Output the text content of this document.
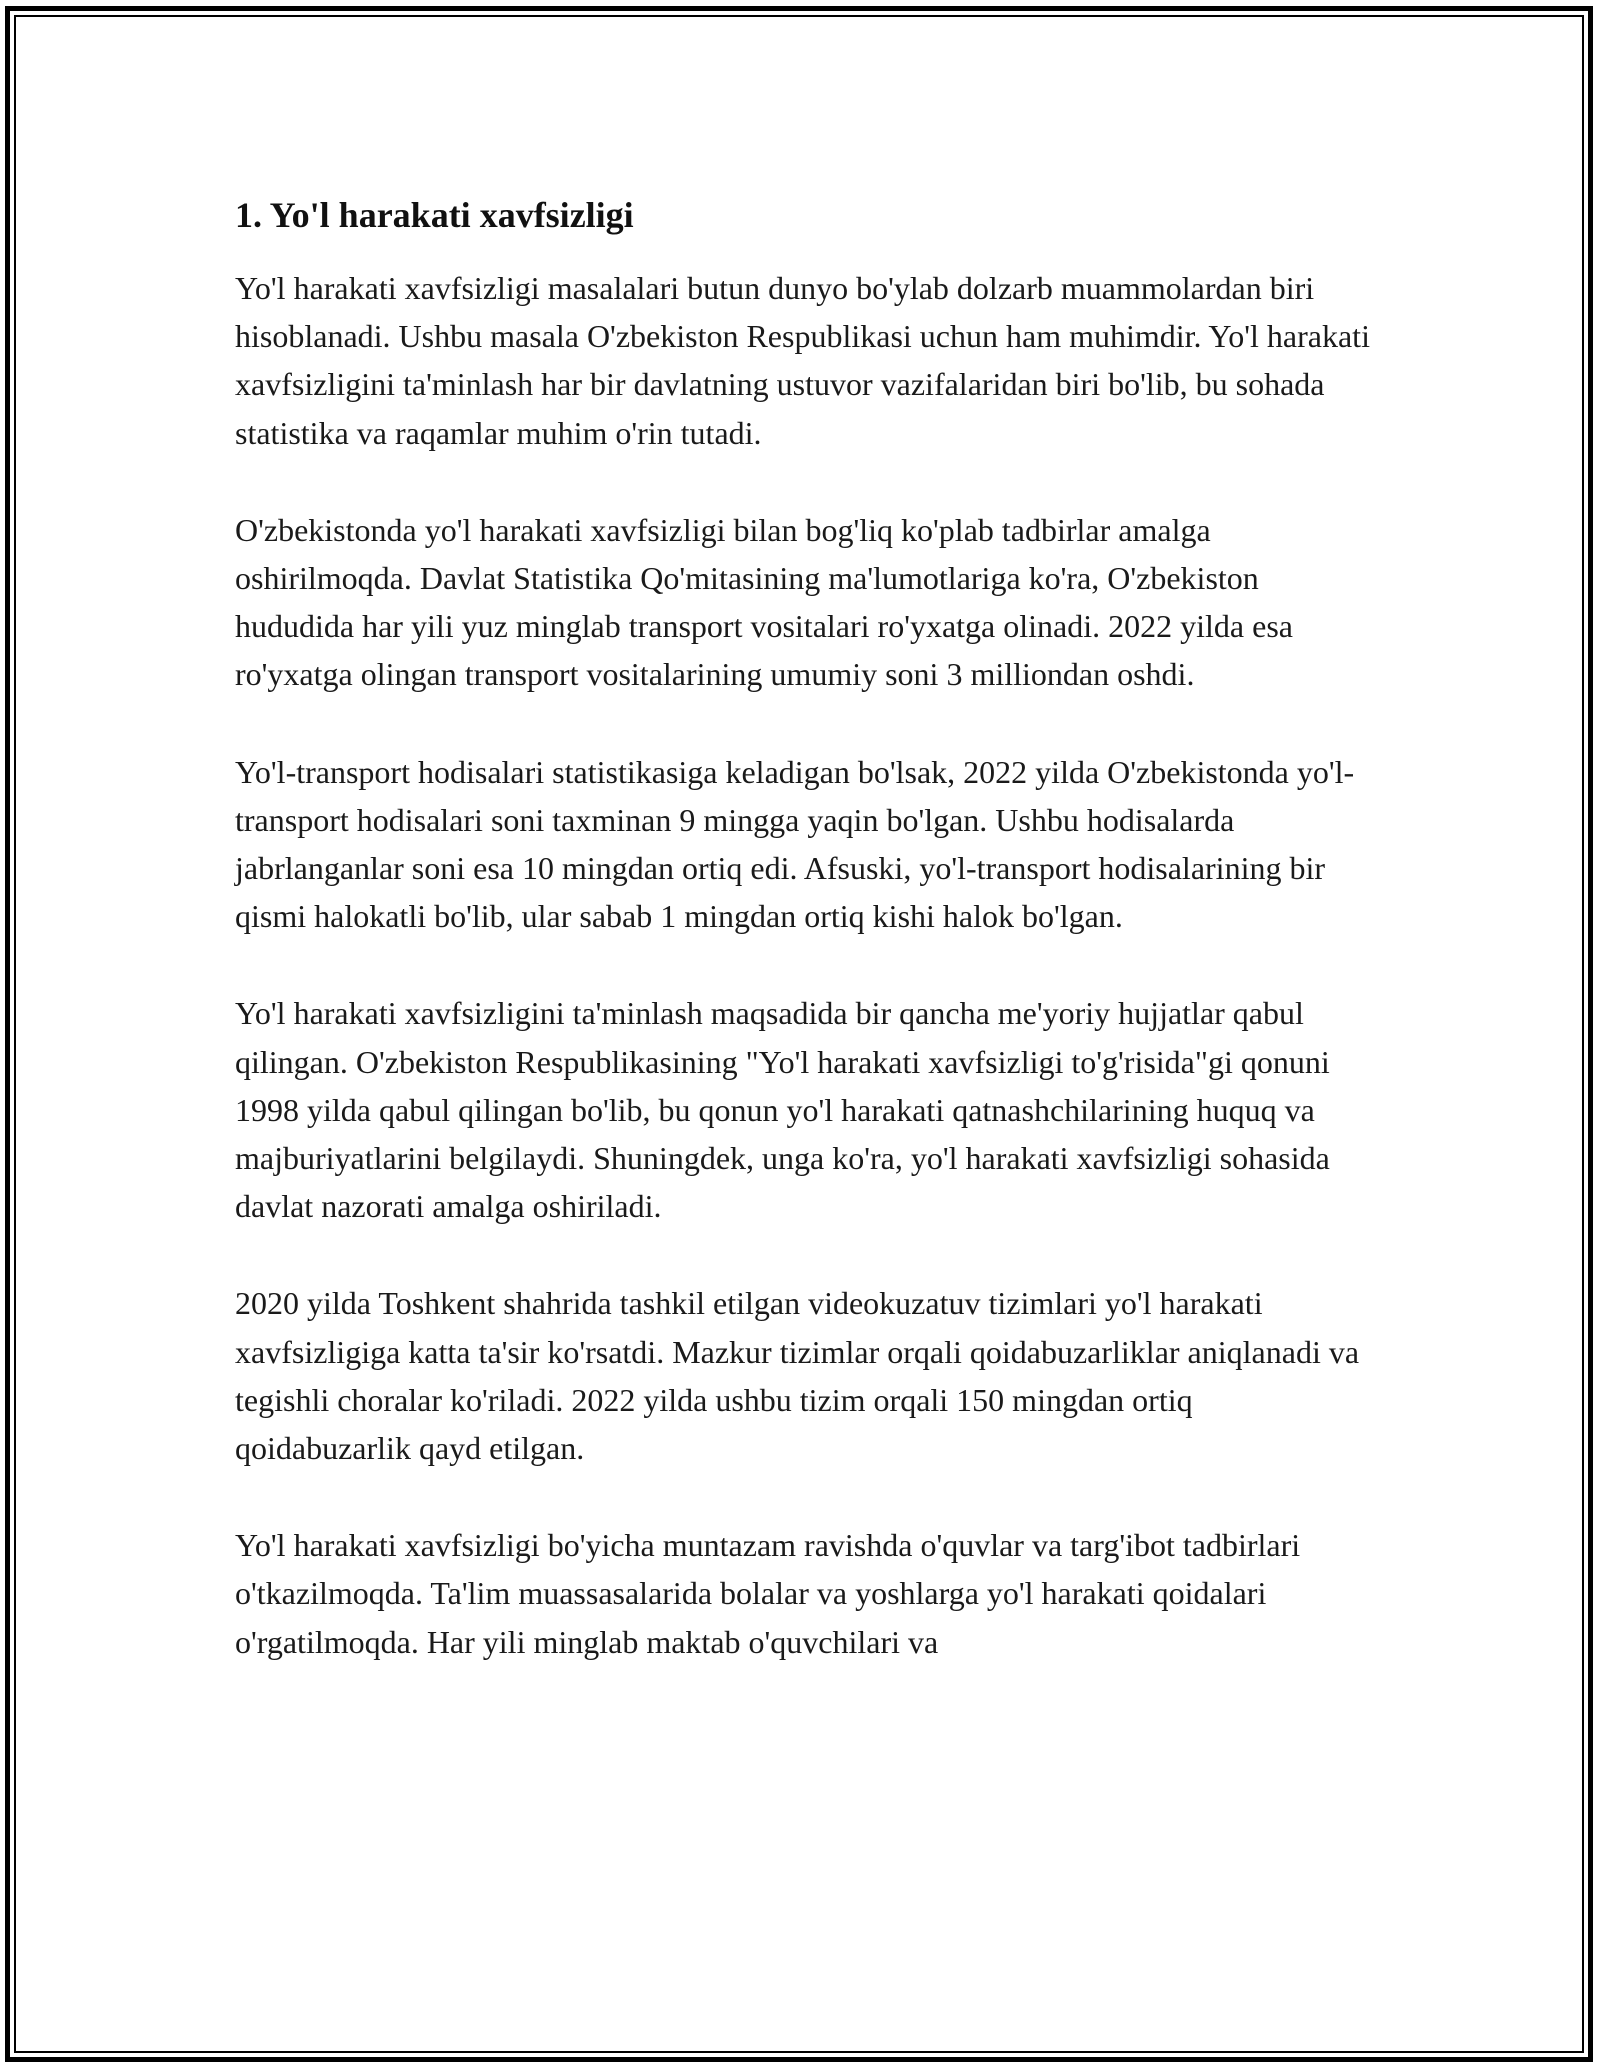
1. Yo'l harakati xavfsizligi

Yo'l harakati xavfsizligi masalalari butun dunyo bo'ylab dolzarb muammolardan biri hisoblanadi. Ushbu masala O'zbekiston Respublikasi uchun ham muhimdir. Yo'l harakati xavfsizligini ta'minlash har bir davlatning ustuvor vazifalaridan biri bo'lib, bu sohada statistika va raqamlar muhim o'rin tutadi.

O'zbekistonda yo'l harakati xavfsizligi bilan bog'liq ko'plab tadbirlar amalga oshirilmoqda. Davlat Statistika Qo'mitasining ma'lumotlariga ko'ra, O'zbekiston hududida har yili yuz minglab transport vositalari ro'yxatga olinadi. 2022 yilda esa ro'yxatga olingan transport vositalarining umumiy soni 3 milliondan oshdi.

Yo'l-transport hodisalari statistikasiga keladigan bo'lsak, 2022 yilda O'zbekistonda yo'l-transport hodisalari soni taxminan 9 mingga yaqin bo'lgan. Ushbu hodisalarda jabrlanganlar soni esa 10 mingdan ortiq edi. Afsuski, yo'l-transport hodisalarining bir qismi halokatli bo'lib, ular sabab 1 mingdan ortiq kishi halok bo'lgan.

Yo'l harakati xavfsizligini ta'minlash maqsadida bir qancha me'yoriy hujjatlar qabul qilingan. O'zbekiston Respublikasining "Yo'l harakati xavfsizligi to'g'risida"gi qonuni 1998 yilda qabul qilingan bo'lib, bu qonun yo'l harakati qatnashchilarining huquq va majburiyatlarini belgilaydi. Shuningdek, unga ko'ra, yo'l harakati xavfsizligi sohasida davlat nazorati amalga oshiriladi.

2020 yilda Toshkent shahrida tashkil etilgan videokuzatuv tizimlari yo'l harakati xavfsizligiga katta ta'sir ko'rsatdi. Mazkur tizimlar orqali qoidabuzarliklar aniqlanadi va tegishli choralar ko'riladi. 2022 yilda ushbu tizim orqali 150 mingdan ortiq qoidabuzarlik qayd etilgan.

Yo'l harakati xavfsizligi bo'yicha muntazam ravishda o'quvlar va targ'ibot tadbirlari o'tkazilmoqda. Ta'lim muassasalarida bolalar va yoshlarga yo'l harakati qoidalari o'rgatilmoqda. Har yili minglab maktab o'quvchilari va
